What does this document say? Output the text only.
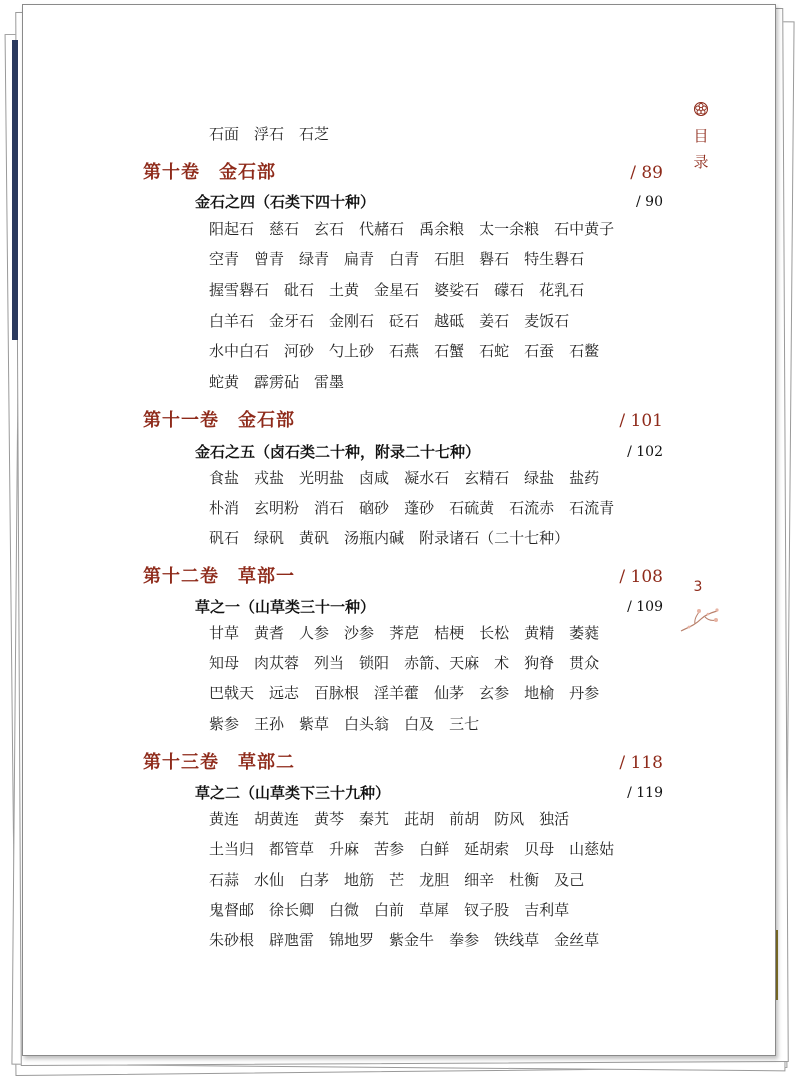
目
录
3
石面 浮石 石芝
第十卷　金石部	/ 89
金石之四（石类下四十种）	/ 90
阳起石 慈石 玄石 代赭石 禹余粮 太一余粮 石中黄子
空青 曾青 绿青 扁青 白青 石胆 礜石 特生礜石
握雪礜石 砒石 土黄 金星石 婆娑石 礞石 花乳石
白羊石 金牙石 金刚石 砭石 越砥 姜石 麦饭石
水中白石 河砂 勺上砂 石燕 石蟹 石蛇 石蚕 石鳖
蛇黄 霹雳砧 雷墨
第十一卷　金石部	/ 101
金石之五（卤石类二十种，附录二十七种）	/ 102
食盐 戎盐 光明盐 卤咸 凝水石 玄精石 绿盐 盐药
朴消 玄明粉 消石 硇砂 蓬砂 石硫黄 石流赤 石流青
矾石 绿矾 黄矾 汤瓶内碱 附录诸石（二十七种）
第十二卷　草部一	/ 108
草之一（山草类三十一种）	/ 109
甘草 黄耆 人参 沙参 荠苨 桔梗 长松 黄精 萎蕤
知母 肉苁蓉 列当 锁阳 赤箭、天麻 术 狗脊 贯众
巴戟天 远志 百脉根 淫羊藿 仙茅 玄参 地榆 丹参
紫参 王孙 紫草 白头翁 白及 三七
第十三卷　草部二	/ 118
草之二（山草类下三十九种）	/ 119
黄连 胡黄连 黄芩 秦艽 茈胡 前胡 防风 独活
土当归 都管草 升麻 苦参 白鲜 延胡索 贝母 山慈姑
石蒜 水仙 白茅 地筋 芒 龙胆 细辛 杜衡 及己
鬼督邮 徐长卿 白微 白前 草犀 钗子股 吉利草
朱砂根 辟虺雷 锦地罗 紫金牛 拳参 铁线草 金丝草
